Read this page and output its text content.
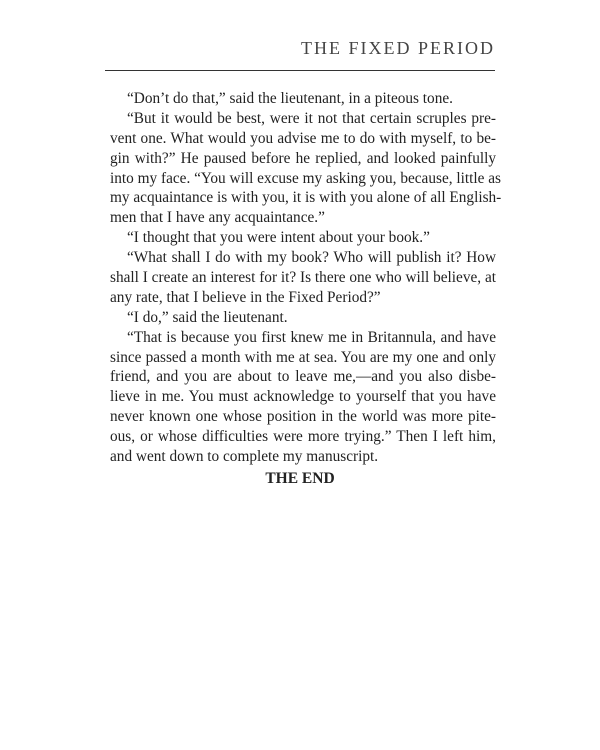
THE FIXED PERIOD
“Don’t do that,” said the lieutenant, in a piteous tone.
“But it would be best, were it not that certain scruples pre-
vent one. What would you advise me to do with myself, to be-
gin with?” He paused before he replied, and looked painfully
into my face. “You will excuse my asking you, because, little as
my acquaintance is with you, it is with you alone of all English-
men that I have any acquaintance.”
“I thought that you were intent about your book.”
“What shall I do with my book? Who will publish it? How
shall I create an interest for it? Is there one who will believe, at
any rate, that I believe in the Fixed Period?”
“I do,” said the lieutenant.
“That is because you first knew me in Britannula, and have
since passed a month with me at sea. You are my one and only
friend, and you are about to leave me,—and you also disbe-
lieve in me. You must acknowledge to yourself that you have
never known one whose position in the world was more pite-
ous, or whose difficulties were more trying.” Then I left him,
and went down to complete my manuscript.
THE END
